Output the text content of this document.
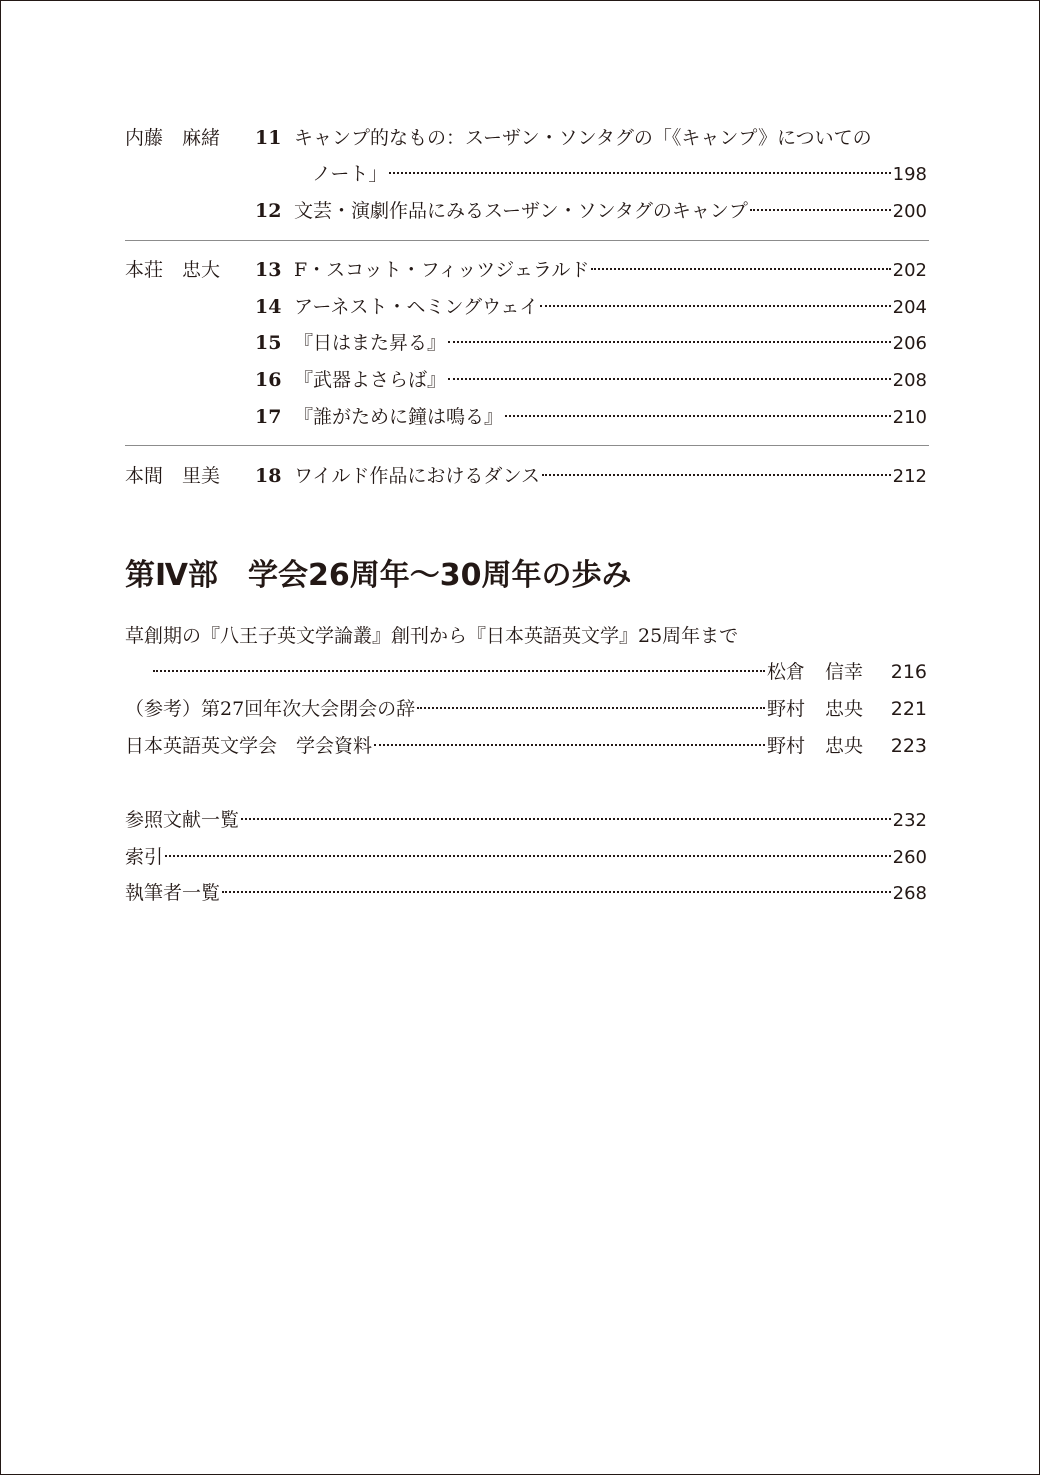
内藤　麻緒 11 キャンプ的なもの：スーザン・ソンタグの「《キャンプ》についての
ノート」	198
12 文芸・演劇作品にみるスーザン・ソンタグのキャンプ	200
本荘　忠大 13 F・スコット・フィッツジェラルド	202
14 アーネスト・ヘミングウェイ	204
15 『日はまた昇る』	206
16 『武器よさらば』	208
17 『誰がために鐘は鳴る』	210
本間　里美 18 ワイルド作品におけるダンス	212
第Ⅳ部　学会26周年〜30周年の歩み
草創期の『八王子英文学論叢』創刊から『日本英語英文学』25周年まで
松倉 信幸	216
（参考）第27回年次大会閉会の辞	野村 忠央	221
日本英語英文学会　学会資料	野村 忠央	223
参照文献一覧	232
索引	260
執筆者一覧	268
